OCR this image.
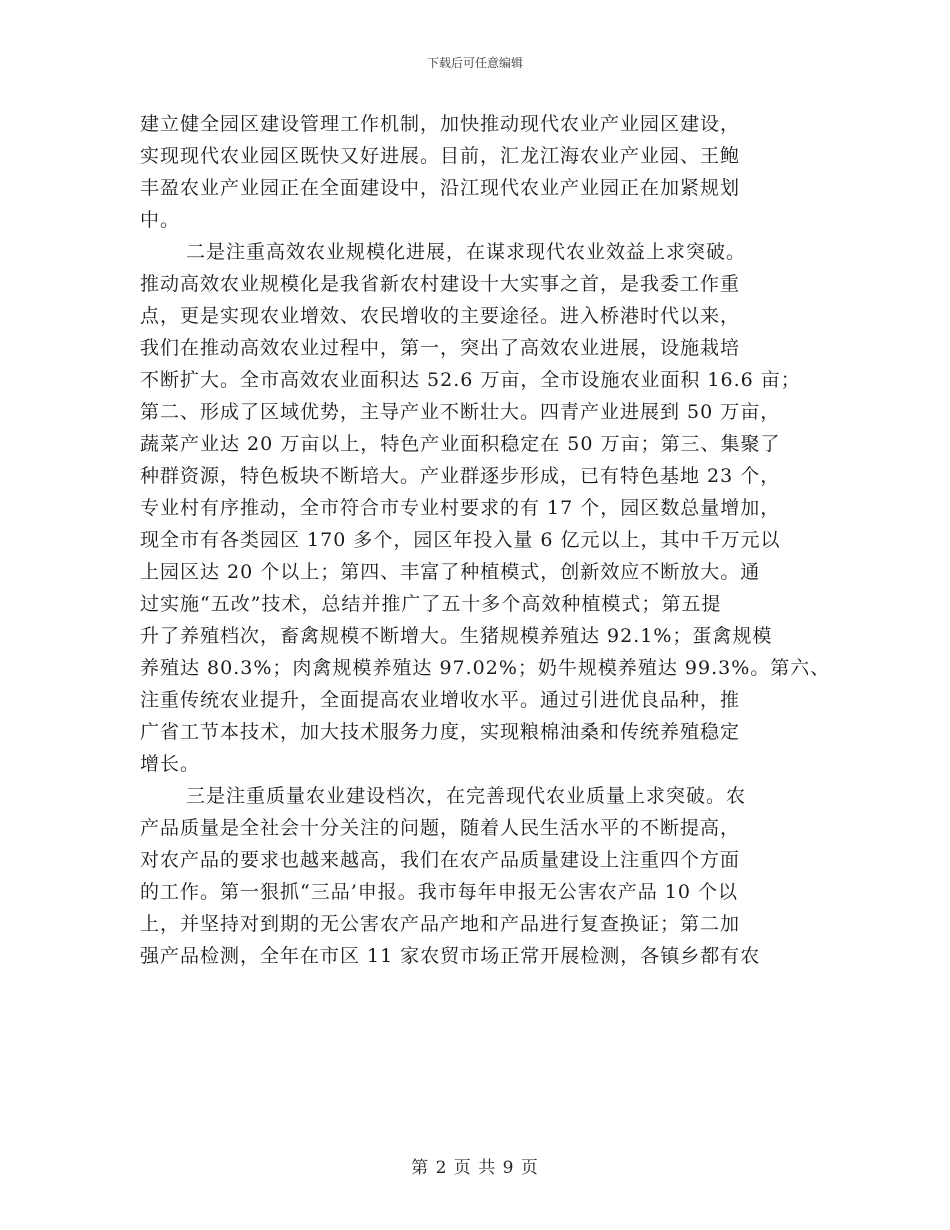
下载后可任意编辑
建立健全园区建设管理工作机制，加快推动现代农业产业园区建设，
实现现代农业园区既快又好进展。目前，汇龙江海农业产业园、王鲍
丰盈农业产业园正在全面建设中，沿江现代农业产业园正在加紧规划
中。
二是注重高效农业规模化进展，在谋求现代农业效益上求突破。
推动高效农业规模化是我省新农村建设十大实事之首，是我委工作重
点，更是实现农业增效、农民增收的主要途径。进入桥港时代以来，
我们在推动高效农业过程中，第一，突出了高效农业进展，设施栽培
不断扩大。全市高效农业面积达 52.6 万亩，全市设施农业面积 16.6 亩；
第二、形成了区域优势，主导产业不断壮大。四青产业进展到 50 万亩，
蔬菜产业达 20 万亩以上，特色产业面积稳定在 50 万亩；第三、集聚了
种群资源，特色板块不断培大。产业群逐步形成，已有特色基地 23 个，
专业村有序推动，全市符合市专业村要求的有 17 个，园区数总量增加，
现全市有各类园区 170 多个，园区年投入量 6 亿元以上，其中千万元以
上园区达 20 个以上；第四、丰富了种植模式，创新效应不断放大。通
过实施“五改”技术，总结并推广了五十多个高效种植模式；第五提
升了养殖档次，畜禽规模不断增大。生猪规模养殖达 92.1%；蛋禽规模
养殖达 80.3%；肉禽规模养殖达 97.02%；奶牛规模养殖达 99.3%。第六、
注重传统农业提升，全面提高农业增收水平。通过引进优良品种，推
广省工节本技术，加大技术服务力度，实现粮棉油桑和传统养殖稳定
增长。
三是注重质量农业建设档次，在完善现代农业质量上求突破。农
产品质量是全社会十分关注的问题，随着人民生活水平的不断提高，
对农产品的要求也越来越高，我们在农产品质量建设上注重四个方面
的工作。第一狠抓“三品’申报。我市每年申报无公害农产品 10 个以
上，并坚持对到期的无公害农产品产地和产品进行复查换证；第二加
强产品检测，全年在市区 11 家农贸市场正常开展检测，各镇乡都有农
第 2 页 共 9 页
